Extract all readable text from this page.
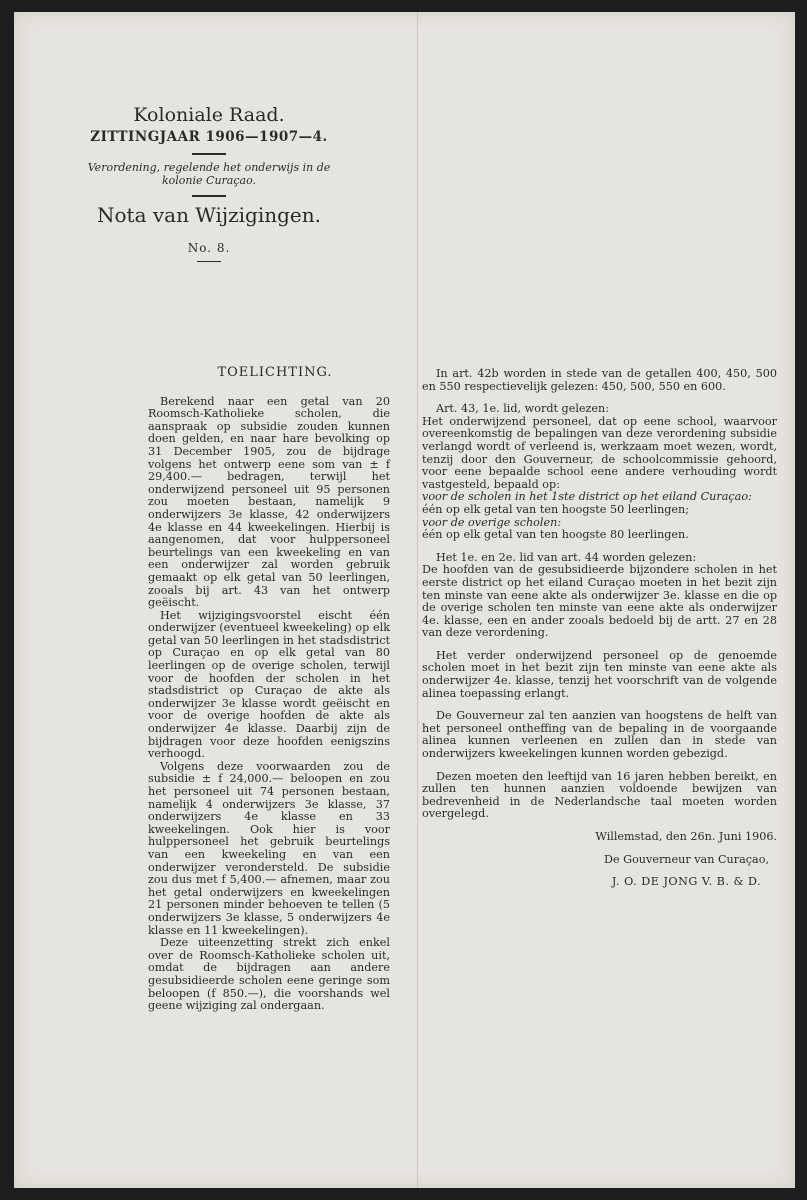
Koloniale Raad.

ZITTINGJAAR 1906—1907—4.

Verordening, regelende het onderwijs in de kolonie Curaçao.

Nota van Wijzigingen.

No. 8.

TOELICHTING.

Berekend naar een getal van 20 Roomsch-Katholieke scholen, die aanspraak op subsidie zouden kunnen doen gelden, en naar hare bevolking op 31 December 1905, zou de bijdrage volgens het ontwerp eene som van ± f 29,400.— bedragen, terwijl het onderwijzend personeel uit 95 personen zou moeten bestaan, namelijk 9 onderwijzers 3e klasse, 42 onderwijzers 4e klasse en 44 kweekelingen. Hierbij is aangenomen, dat voor hulppersoneel beurtelings van een kweekeling en van een onderwijzer zal worden gebruik gemaakt op elk getal van 50 leerlingen, zooals bij art. 43 van het ontwerp geëischt.

Het wijzigingsvoorstel eischt één onderwijzer (eventueel kweekeling) op elk getal van 50 leerlingen in het stadsdistrict op Curaçao en op elk getal van 80 leerlingen op de overige scholen, terwijl voor de hoofden der scholen in het stadsdistrict op Curaçao de akte als onderwijzer 3e klasse wordt geëischt en voor de overige hoofden de akte als onderwijzer 4e klasse. Daarbij zijn de bijdragen voor deze hoofden eenigszins verhoogd.

Volgens deze voorwaarden zou de subsidie ± f 24,000.— beloopen en zou het personeel uit 74 personen bestaan, namelijk 4 onderwijzers 3e klasse, 37 onderwijzers 4e klasse en 33 kweekelingen. Ook hier is voor hulppersoneel het gebruik beurtelings van een kweekeling en van een onderwijzer verondersteld. De subsidie zou dus met f 5,400.— afnemen, maar zou het getal onderwijzers en kweekelingen 21 personen minder behoeven te tellen (5 onderwijzers 3e klasse, 5 onderwijzers 4e klasse en 11 kweekelingen).

Deze uiteenzetting strekt zich enkel over de Roomsch-Katholieke scholen uit, omdat de bijdragen aan andere gesubsidieerde scholen eene geringe som beloopen (f 850.—), die voorshands wel geene wijziging zal ondergaan.

In art. 42b worden in stede van de getallen 400, 450, 500 en 550 respectievelijk gelezen: 450, 500, 550 en 600.

Art. 43, 1e. lid, wordt gelezen:

Het onderwijzend personeel, dat op eene school, waarvoor overeenkomstig de bepalingen van deze verordening subsidie verlangd wordt of verleend is, werkzaam moet wezen, wordt, tenzij door den Gouverneur, de schoolcommissie gehoord, voor eene bepaalde school eene andere verhouding wordt vastgesteld, bepaald op:

voor de scholen in het 1ste district op het eiland Curaçao:

één op elk getal van ten hoogste 50 leerlingen;

voor de overige scholen:

één op elk getal van ten hoogste 80 leerlingen.

Het 1e. en 2e. lid van art. 44 worden gelezen:

De hoofden van de gesubsidieerde bijzondere scholen in het eerste district op het eiland Curaçao moeten in het bezit zijn ten minste van eene akte als onderwijzer 3e. klasse en die op de overige scholen ten minste van eene akte als onderwijzer 4e. klasse, een en ander zooals bedoeld bij de artt. 27 en 28 van deze verordening.

Het verder onderwijzend personeel op de genoemde scholen moet in het bezit zijn ten minste van eene akte als onderwijzer 4e. klasse, tenzij het voorschrift van de volgende alinea toepassing erlangt.

De Gouverneur zal ten aanzien van hoogstens de helft van het personeel ontheffing van de bepaling in de voorgaande alinea kunnen verleenen en zullen dan in stede van onderwijzers kweekelingen kunnen worden gebezigd.

Dezen moeten den leeftijd van 16 jaren hebben bereikt, en zullen ten hunnen aanzien voldoende bewijzen van bedrevenheid in de Nederlandsche taal moeten worden overgelegd.

Willemstad, den 26n. Juni 1906.

De Gouverneur van Curaçao,

J. O. DE JONG V. B. & D.
